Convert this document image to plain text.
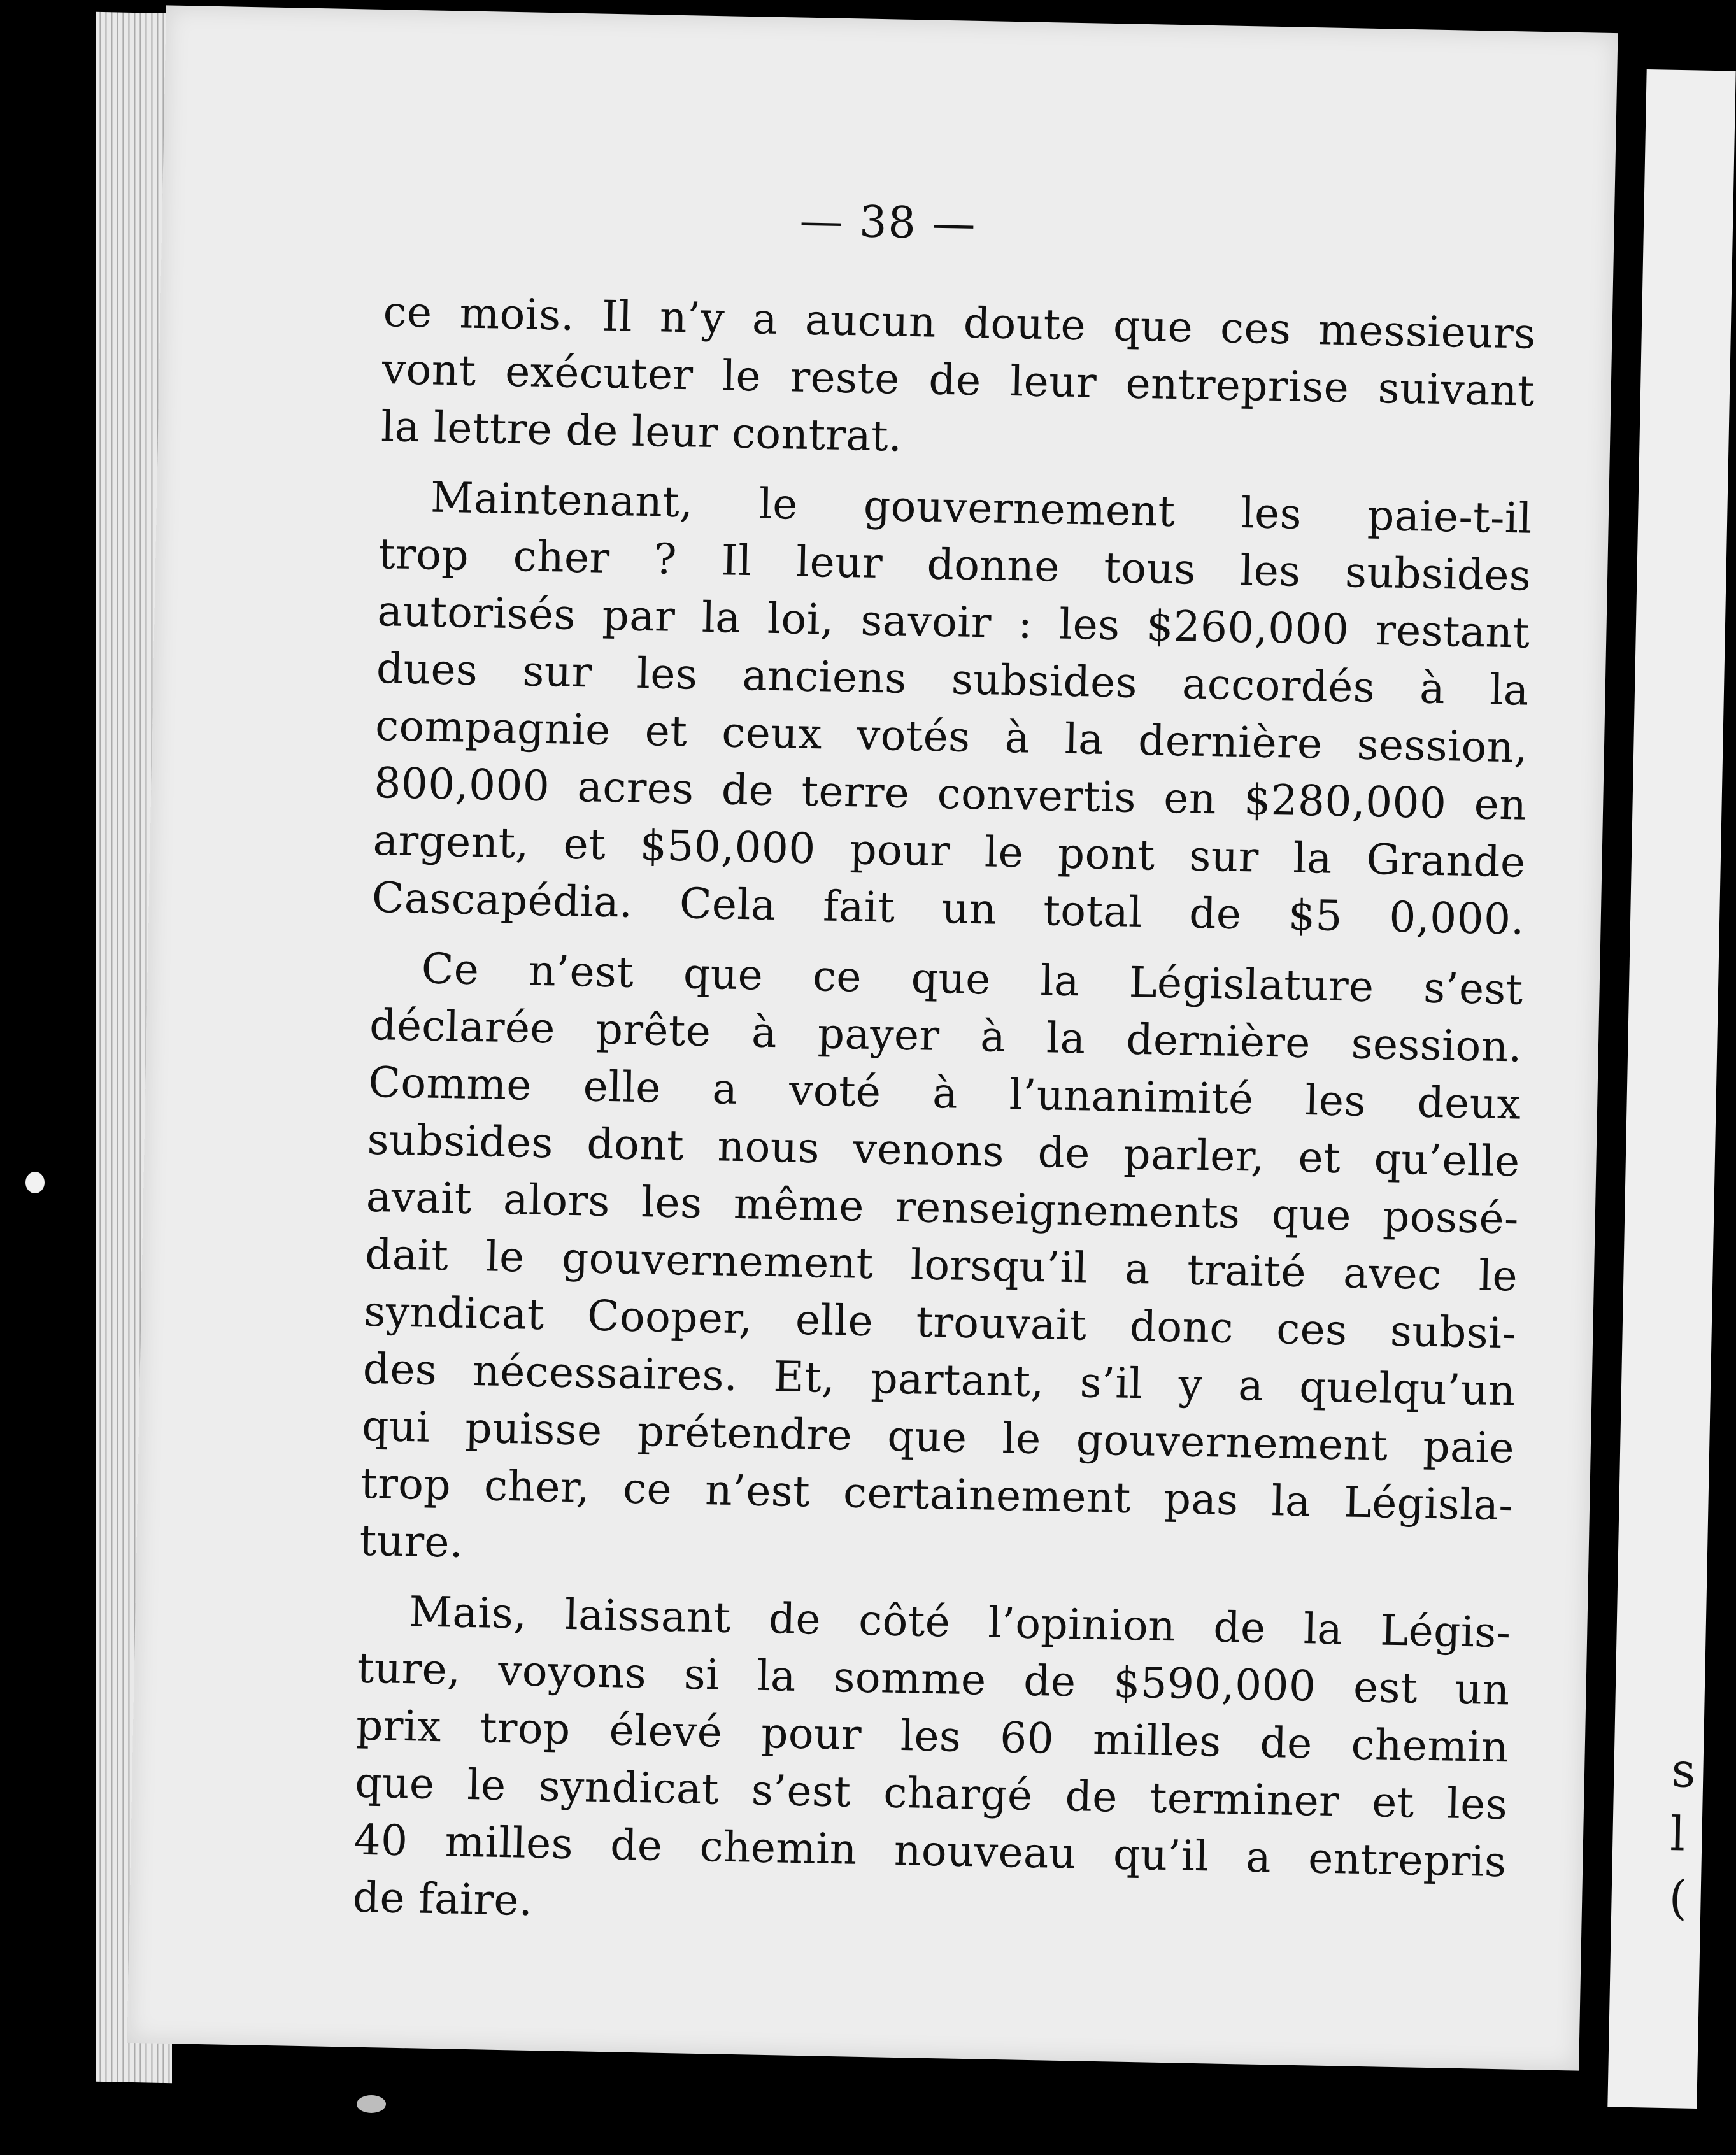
s
l
(
— 38 —
ce mois. Il n’y a aucun doute que ces messieurs
vont exécuter le reste de leur entreprise suivant
la lettre de leur contrat.
Maintenant, le gouvernement les paie-t-il
trop cher ? Il leur donne tous les subsides
autorisés par la loi, savoir : les $260,000 restant
dues sur les anciens subsides accordés à la
compagnie et ceux votés à la dernière session,
800,000 acres de terre convertis en $280,000 en
argent, et $50,000 pour le pont sur la Grande
Cascapédia. Cela fait un total de $5 0,000.
Ce n’est que ce que la Législature s’est
déclarée prête à payer à la dernière session.
Comme elle a voté à l’unanimité les deux
subsides dont nous venons de parler, et qu’elle
avait alors les même renseignements que possé-
dait le gouvernement lorsqu’il a traité avec le
syndicat Cooper, elle trouvait donc ces subsi-
des nécessaires. Et, partant, s’il y a quelqu’un
qui puisse prétendre que le gouvernement paie
trop cher, ce n’est certainement pas la Législa-
ture.
Mais, laissant de côté l’opinion de la Légis-
ture, voyons si la somme de $590,000 est un
prix trop élevé pour les 60 milles de chemin
que le syndicat s’est chargé de terminer et les
40 milles de chemin nouveau qu’il a entrepris
de faire.
